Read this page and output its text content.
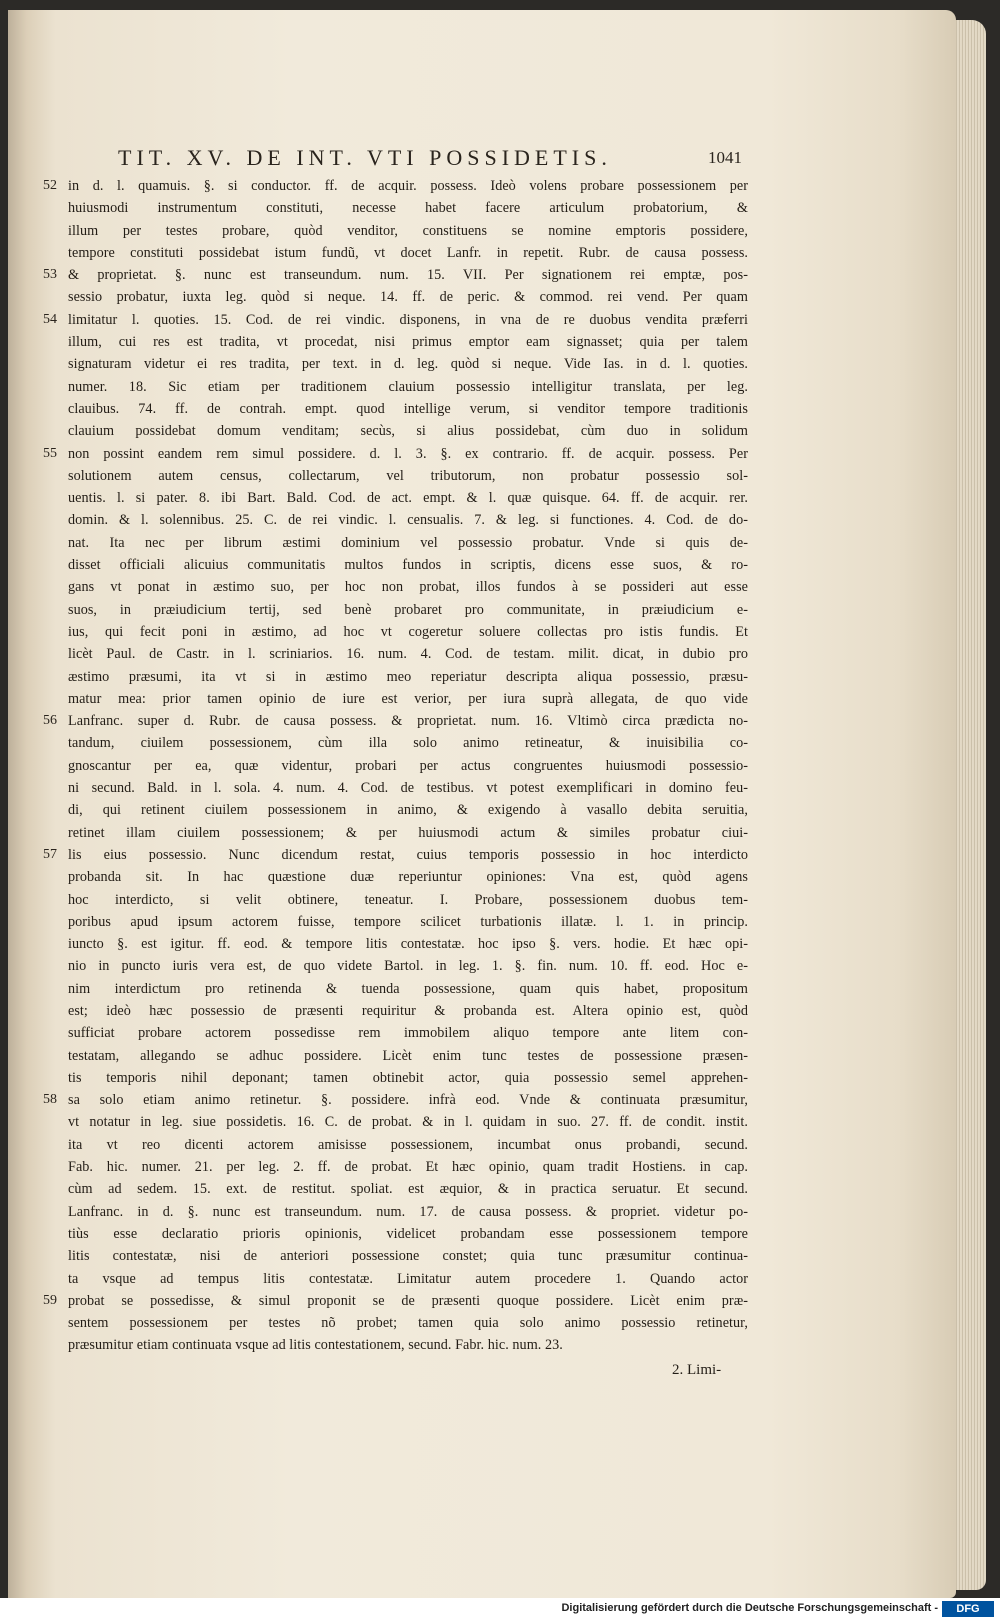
TIT. XV. DE INT. VTI POSSIDETIS.	1041
52
53
54
55
56
57
58
59
in d. l. quamuis. §. si conductor. ff. de acquir. possess. Ideò volens probare possessionem per
huiusmodi instrumentum constituti, necesse habet facere articulum probatorium, &
illum per testes probare, quòd venditor, constituens se nomine emptoris possidere,
tempore constituti possidebat istum fundũ, vt docet Lanfr. in repetit. Rubr. de causa possess.
& proprietat. §. nunc est transeundum. num. 15. VII. Per signationem rei emptæ, pos-
sessio probatur, iuxta leg. quòd si neque. 14. ff. de peric. & commod. rei vend. Per quam
limitatur l. quoties. 15. Cod. de rei vindic. disponens, in vna de re duobus vendita præferri
illum, cui res est tradita, vt procedat, nisi primus emptor eam signasset; quia per talem
signaturam videtur ei res tradita, per text. in d. leg. quòd si neque. Vide Ias. in d. l. quoties.
numer. 18. Sic etiam per traditionem clauium possessio intelligitur translata, per leg.
clauibus. 74. ff. de contrah. empt. quod intellige verum, si venditor tempore traditionis
clauium possidebat domum venditam; secùs, si alius possidebat, cùm duo in solidum
non possint eandem rem simul possidere. d. l. 3. §. ex contrario. ff. de acquir. possess. Per
solutionem autem census, collectarum, vel tributorum, non probatur possessio sol-
uentis. l. si pater. 8. ibi Bart. Bald. Cod. de act. empt. & l. quæ quisque. 64. ff. de acquir. rer.
domin. & l. solennibus. 25. C. de rei vindic. l. censualis. 7. & leg. si functiones. 4. Cod. de do-
nat. Ita nec per librum æstimi dominium vel possessio probatur. Vnde si quis de-
disset officiali alicuius communitatis multos fundos in scriptis, dicens esse suos, & ro-
gans vt ponat in æstimo suo, per hoc non probat, illos fundos à se possideri aut esse
suos, in præiudicium tertij, sed benè probaret pro communitate, in præiudicium e-
ius, qui fecit poni in æstimo, ad hoc vt cogeretur soluere collectas pro istis fundis. Et
licèt Paul. de Castr. in l. scriniarios. 16. num. 4. Cod. de testam. milit. dicat, in dubio pro
æstimo præsumi, ita vt si in æstimo meo reperiatur descripta aliqua possessio, præsu-
matur mea: prior tamen opinio de iure est verior, per iura suprà allegata, de quo vide
Lanfranc. super d. Rubr. de causa possess. & proprietat. num. 16. Vltimò circa prædicta no-
tandum, ciuilem possessionem, cùm illa solo animo retineatur, & inuisibilia co-
gnoscantur per ea, quæ videntur, probari per actus congruentes huiusmodi possessio-
ni secund. Bald. in l. sola. 4. num. 4. Cod. de testibus. vt potest exemplificari in domino feu-
di, qui retinent ciuilem possessionem in animo, & exigendo à vasallo debita seruitia,
retinet illam ciuilem possessionem; & per huiusmodi actum & similes probatur ciui-
lis eius possessio. Nunc dicendum restat, cuius temporis possessio in hoc interdicto
probanda sit. In hac quæstione duæ reperiuntur opiniones: Vna est, quòd agens
hoc interdicto, si velit obtinere, teneatur. I. Probare, possessionem duobus tem-
poribus apud ipsum actorem fuisse, tempore scilicet turbationis illatæ. l. 1. in princip.
iuncto §. est igitur. ff. eod. & tempore litis contestatæ. hoc ipso §. vers. hodie. Et hæc opi-
nio in puncto iuris vera est, de quo videte Bartol. in leg. 1. §. fin. num. 10. ff. eod. Hoc e-
nim interdictum pro retinenda & tuenda possessione, quam quis habet, propositum
est; ideò hæc possessio de præsenti requiritur & probanda est. Altera opinio est, quòd
sufficiat probare actorem possedisse rem immobilem aliquo tempore ante litem con-
testatam, allegando se adhuc possidere. Licèt enim tunc testes de possessione præsen-
tis temporis nihil deponant; tamen obtinebit actor, quia possessio semel apprehen-
sa solo etiam animo retinetur. §. possidere. infrà eod. Vnde & continuata præsumitur,
vt notatur in leg. siue possidetis. 16. C. de probat. & in l. quidam in suo. 27. ff. de condit. instit.
ita vt reo dicenti actorem amisisse possessionem, incumbat onus probandi, secund.
Fab. hic. numer. 21. per leg. 2. ff. de probat. Et hæc opinio, quam tradit Hostiens. in cap.
cùm ad sedem. 15. ext. de restitut. spoliat. est æquior, & in practica seruatur. Et secund.
Lanfranc. in d. §. nunc est transeundum. num. 17. de causa possess. & propriet. videtur po-
tiùs esse declaratio prioris opinionis, videlicet probandam esse possessionem tempore
litis contestatæ, nisi de anteriori possessione constet; quia tunc præsumitur continua-
ta vsque ad tempus litis contestatæ. Limitatur autem procedere 1. Quando actor
probat se possedisse, & simul proponit se de præsenti quoque possidere. Licèt enim præ-
sentem possessionem per testes nõ probet; tamen quia solo animo possessio retinetur,
præsumitur etiam continuata vsque ad litis contestationem, secund. Fabr. hic. num. 23.
2. Limi-
Digitalisierung gefördert durch die Deutsche Forschungsgemeinschaft -	DFG
